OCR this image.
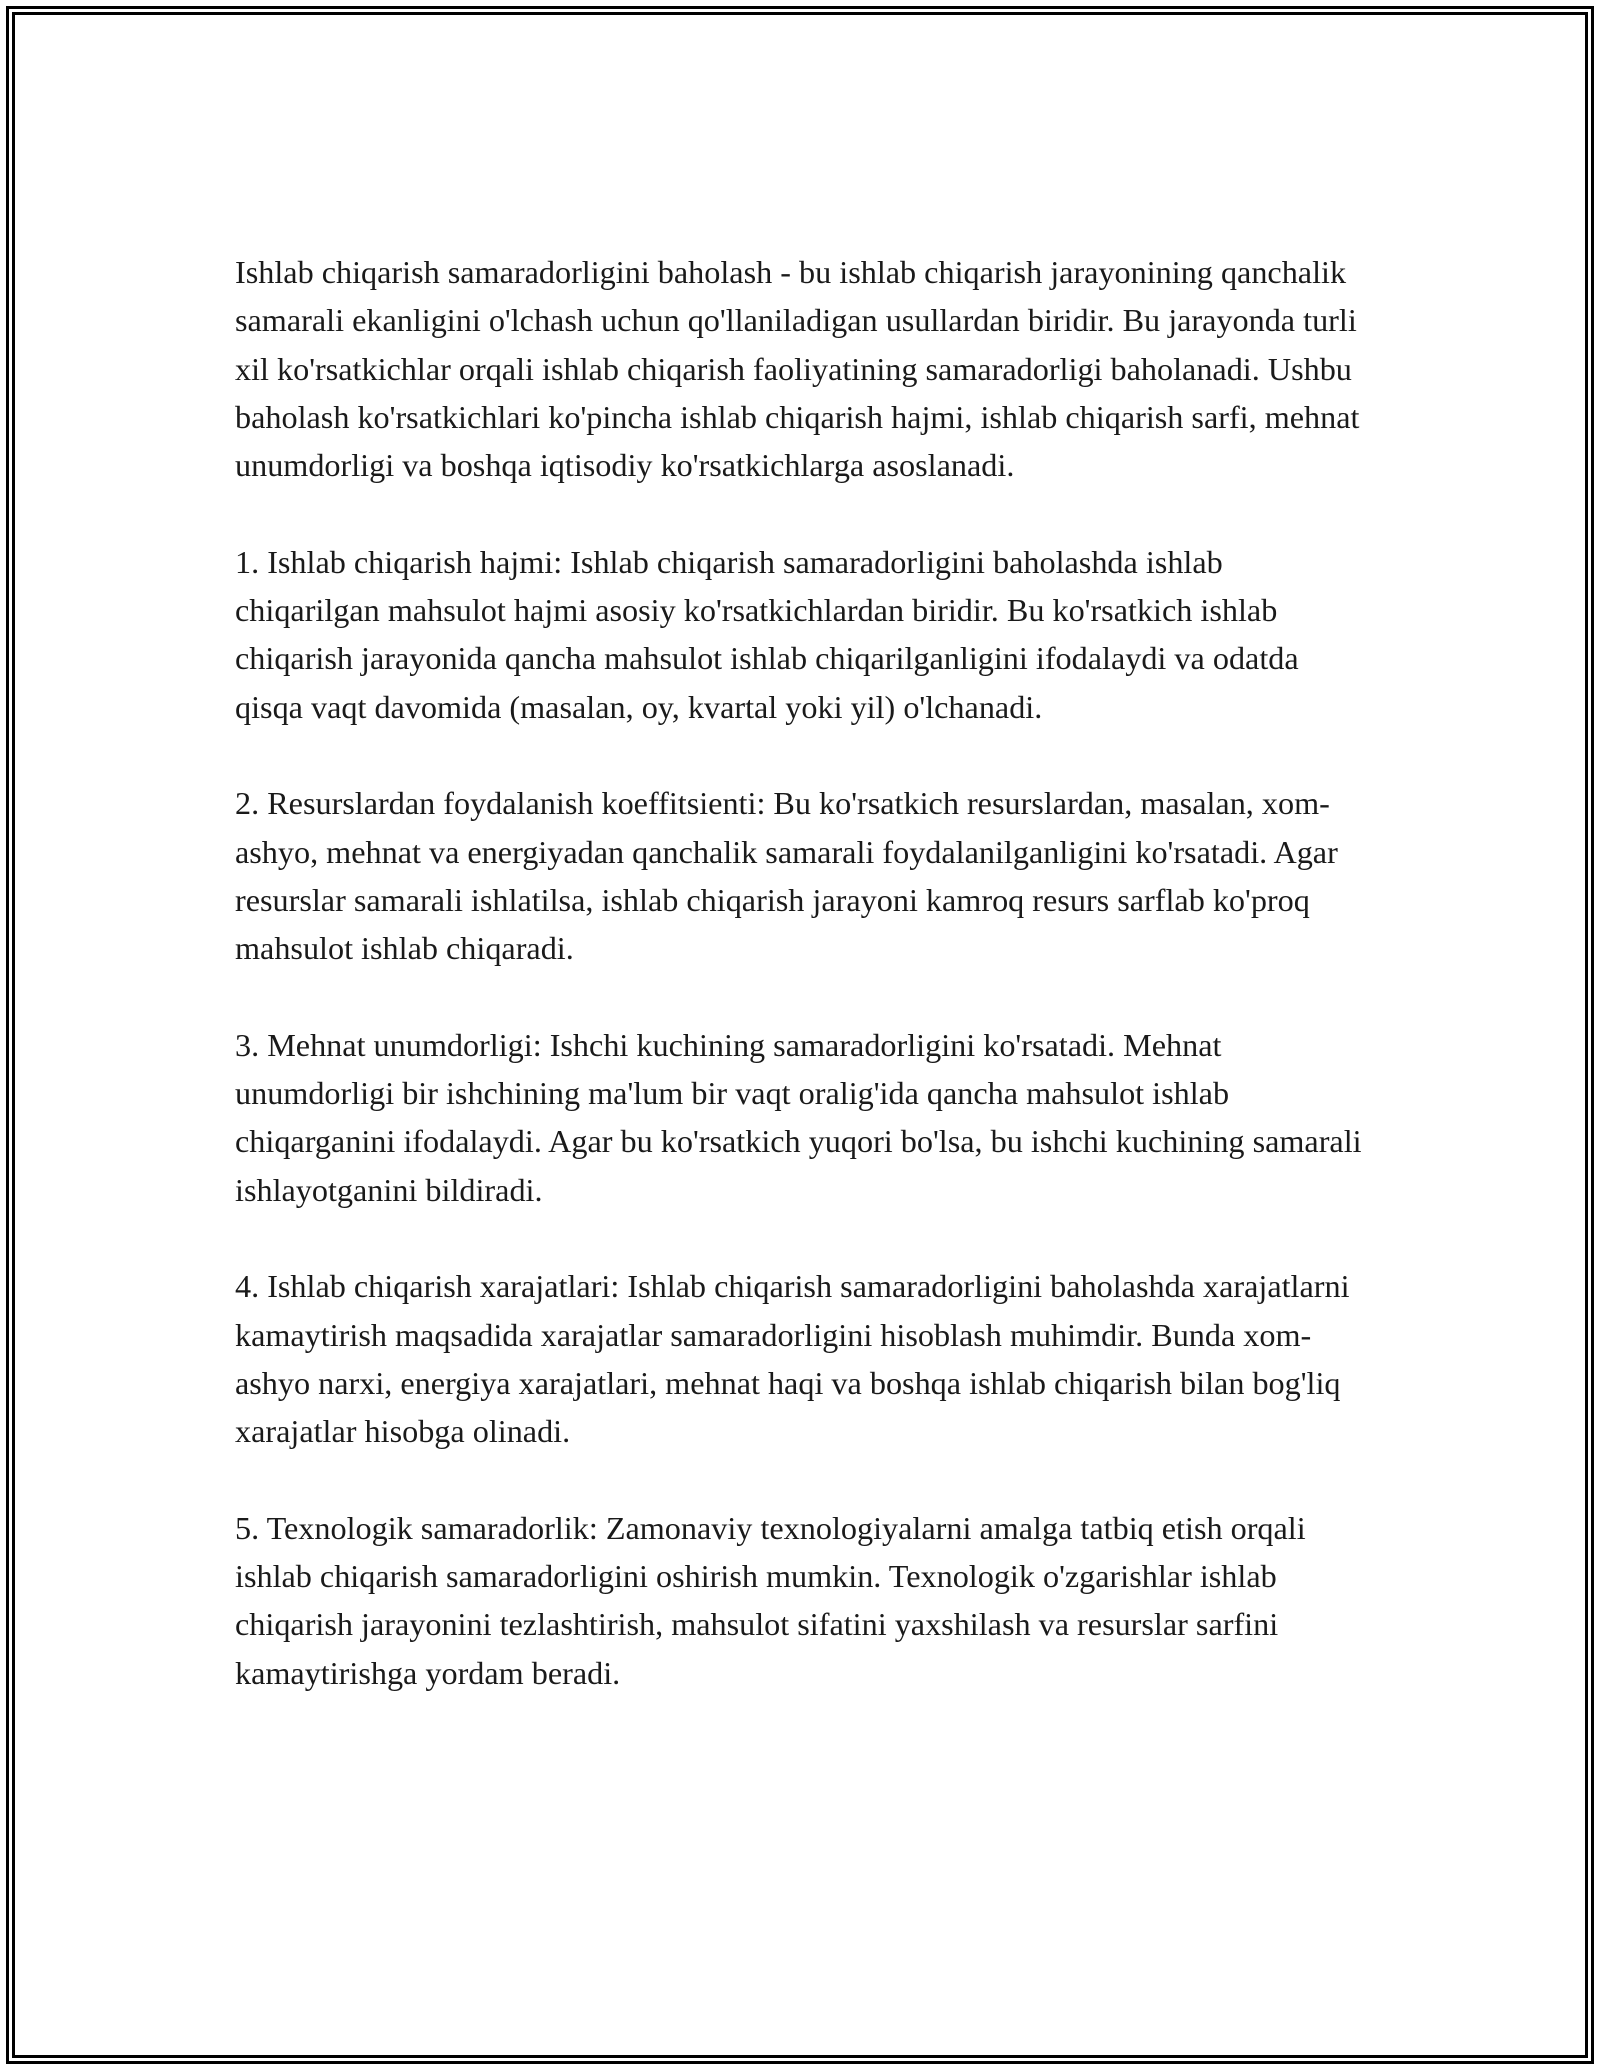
Ishlab chiqarish samaradorligini baholash - bu ishlab chiqarish jarayonining qanchalik samarali ekanligini o'lchash uchun qo'llaniladigan usullardan biridir. Bu jarayonda turli xil ko'rsatkichlar orqali ishlab chiqarish faoliyatining samaradorligi baholanadi. Ushbu baholash ko'rsatkichlari ko'pincha ishlab chiqarish hajmi, ishlab chiqarish sarfi, mehnat unumdorligi va boshqa iqtisodiy ko'rsatkichlarga asoslanadi.

1. Ishlab chiqarish hajmi: Ishlab chiqarish samaradorligini baholashda ishlab chiqarilgan mahsulot hajmi asosiy ko'rsatkichlardan biridir. Bu ko'rsatkich ishlab chiqarish jarayonida qancha mahsulot ishlab chiqarilganligini ifodalaydi va odatda qisqa vaqt davomida (masalan, oy, kvartal yoki yil) o'lchanadi.

2. Resurslardan foydalanish koeffitsienti: Bu ko'rsatkich resurslardan, masalan, xom-ashyo, mehnat va energiyadan qanchalik samarali foydalanilganligini ko'rsatadi. Agar resurslar samarali ishlatilsa, ishlab chiqarish jarayoni kamroq resurs sarflab ko'proq mahsulot ishlab chiqaradi.

3. Mehnat unumdorligi: Ishchi kuchining samaradorligini ko'rsatadi. Mehnat unumdorligi bir ishchining ma'lum bir vaqt oralig'ida qancha mahsulot ishlab chiqarganini ifodalaydi. Agar bu ko'rsatkich yuqori bo'lsa, bu ishchi kuchining samarali ishlayotganini bildiradi.

4. Ishlab chiqarish xarajatlari: Ishlab chiqarish samaradorligini baholashda xarajatlarni kamaytirish maqsadida xarajatlar samaradorligini hisoblash muhimdir. Bunda xom-ashyo narxi, energiya xarajatlari, mehnat haqi va boshqa ishlab chiqarish bilan bog'liq xarajatlar hisobga olinadi.

5. Texnologik samaradorlik: Zamonaviy texnologiyalarni amalga tatbiq etish orqali ishlab chiqarish samaradorligini oshirish mumkin. Texnologik o'zgarishlar ishlab chiqarish jarayonini tezlashtirish, mahsulot sifatini yaxshilash va resurslar sarfini kamaytirishga yordam beradi.
